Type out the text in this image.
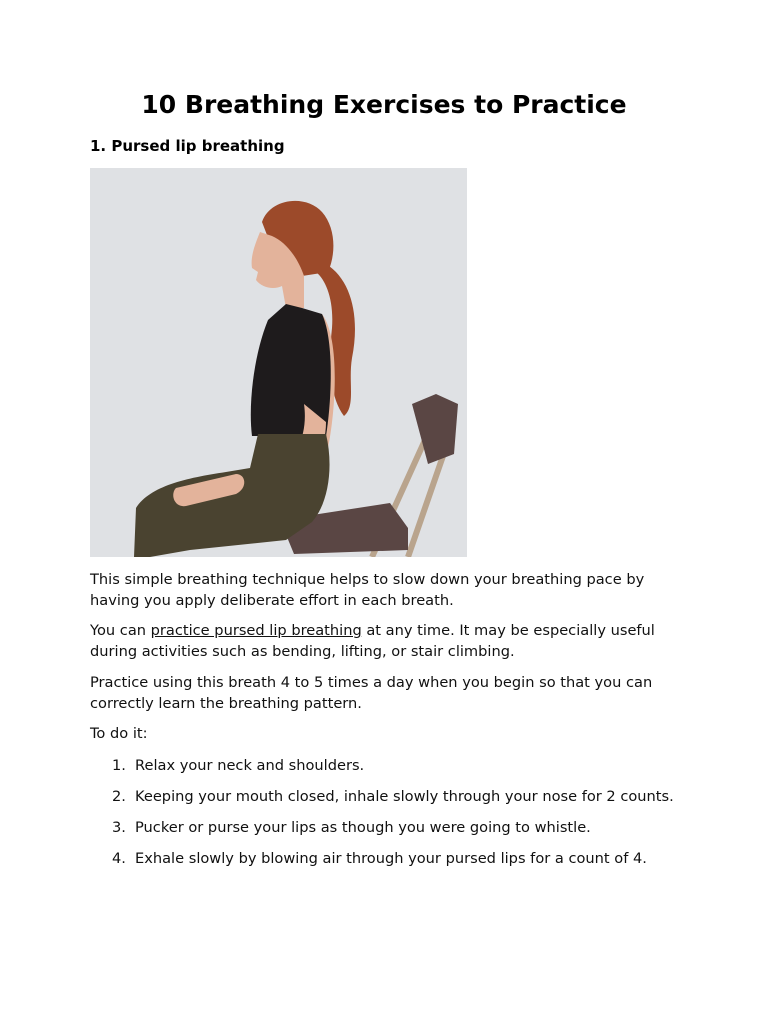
10 Breathing Exercises to Practice
1. Pursed lip breathing

This simple breathing technique helps to slow down your breathing pace by having you apply deliberate effort in each breath.

You can practice pursed lip breathing at any time. It may be especially useful during activities such as bending, lifting, or stair climbing.

Practice using this breath 4 to 5 times a day when you begin so that you can correctly learn the breathing pattern.

To do it:

1. Relax your neck and shoulders.
2. Keeping your mouth closed, inhale slowly through your nose for 2 counts.
3. Pucker or purse your lips as though you were going to whistle.
4. Exhale slowly by blowing air through your pursed lips for a count of 4.
